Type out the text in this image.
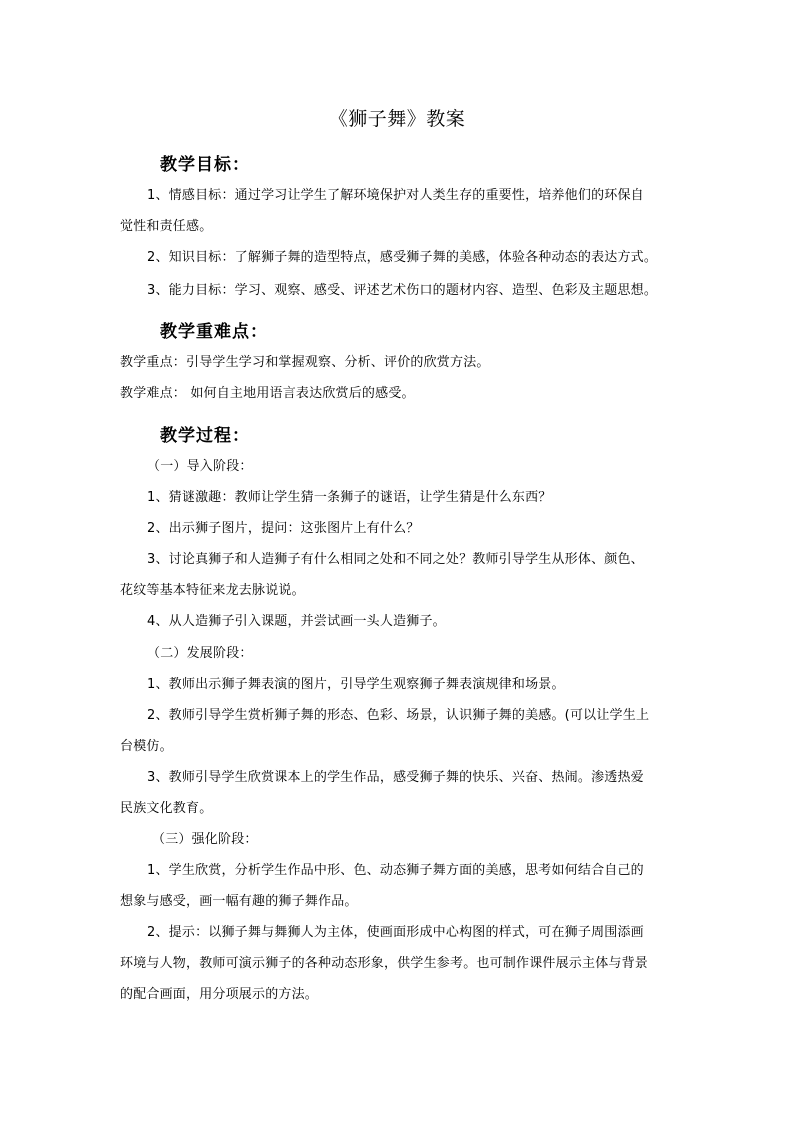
《狮子舞》教案
教学目标：
1、情感目标：通过学习让学生了解环境保护对人类生存的重要性，培养他们的环保自
觉性和责任感。
2、知识目标：了解狮子舞的造型特点，感受狮子舞的美感，体验各种动态的表达方式。
3、能力目标：学习、观察、感受、评述艺术伤口的题材内容、造型、色彩及主题思想。
教学重难点：
教学重点：引导学生学习和掌握观察、分析、评价的欣赏方法。
教学难点： 如何自主地用语言表达欣赏后的感受。
教学过程：
（一）导入阶段：
1、猜谜激趣：教师让学生猜一条狮子的谜语，让学生猜是什么东西？
2、出示狮子图片，提问：这张图片上有什么？
3、讨论真狮子和人造狮子有什么相同之处和不同之处？教师引导学生从形体、颜色、
花纹等基本特征来龙去脉说说。
4、从人造狮子引入课题，并尝试画一头人造狮子。
（二）发展阶段：
1、教师出示狮子舞表演的图片，引导学生观察狮子舞表演规律和场景。
2、教师引导学生赏析狮子舞的形态、色彩、场景，认识狮子舞的美感。(可以让学生上
台模仿。
3、教师引导学生欣赏课本上的学生作品，感受狮子舞的快乐、兴奋、热闹。渗透热爱
民族文化教育。
（三）强化阶段：
1、学生欣赏，分析学生作品中形、色、动态狮子舞方面的美感，思考如何结合自己的
想象与感受，画一幅有趣的狮子舞作品。
2、提示：以狮子舞与舞狮人为主体，使画面形成中心构图的样式，可在狮子周围添画
环境与人物，教师可演示狮子的各种动态形象，供学生参考。也可制作课件展示主体与背景
的配合画面，用分项展示的方法。
